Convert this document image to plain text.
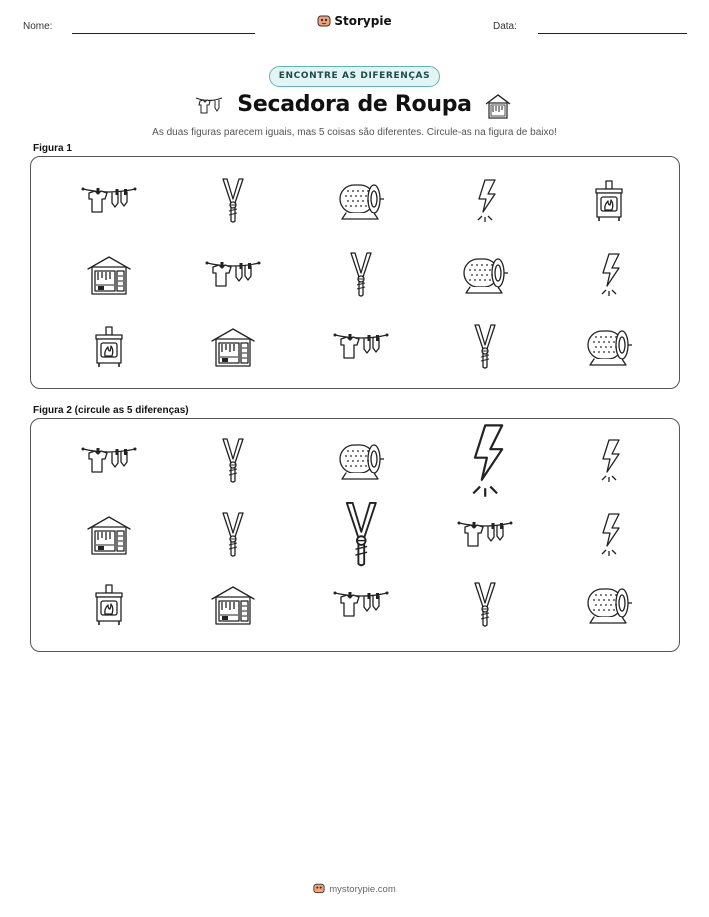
Nome:	Storypie	Data:
ENCONTRE AS DIFERENÇAS
Secadora de Roupa
As duas figuras parecem iguais, mas 5 coisas são diferentes. Circule-as na figura de baixo!
Figura 1
Figura 2 (circule as 5 diferenças)
mystorypie.com
